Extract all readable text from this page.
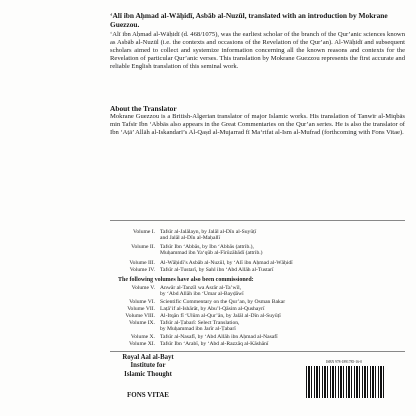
‘Alī ibn Aḥmad al-Wāḥidī, Asbāb al-Nuzūl, translated with an introduction by Mokrane Guezzou.
‘Alī ibn Aḥmad al-Wāḥidī (d. 468/1075), was the earliest scholar of the branch of the Qur’anic sciences known as Asbāb al-Nuzūl (i.e. the contexts and occasions of the Revelation of the Qur’an). Al-Wāḥidī and subsequent scholars aimed to collect and systemize information concerning all the known reasons and contexts for the Revelation of particular Qur’anic verses. This translation by Mokrane Guezzou represents the first accurate and reliable English translation of this seminal work.
About the Translator
Mokrane Guezzou is a British-Algerian translator of major Islamic works. His translation of Tanwīr al-Miqbās min Tafsīr Ibn ‘Abbās also appears in the Great Commentaries on the Qur’an series. He is also the translator of Ibn ‘Aṭā’ Allāh al-Iskandarī’s Al-Qaṣd al-Mujarrad fī Ma‘rifat al-Ism al-Mufrad (forthcoming with Fons Vitae).
Volume I. Tafsīr al-Jalālayn, by Jalāl al-Dīn al-Suyūṭī
and Jalāl al-Dīn al-Maḥallī
Volume II. Tafsīr Ibn ‘Abbās, by Ibn ‘Abbās (attrib.),
Muḥammad ibn Ya‘qūb al-Fīrūzābādī (attrib.)
Volume III. Al-Wāḥidī’s Asbāb al-Nuzūl, by ‘Alī ibn Aḥmad al-Wāḥidī
Volume IV. Tafsīr al-Tustarī, by Sahl ibn ‘Abd Allāh al-Tustarī
The following volumes have also been commissioned:
Volume V. Anwār al-Tanzīl wa Asrār al-Ta’wīl,
by ‘Abd Allāh ibn ‘Umar al-Bayḍāwī
Volume VI. Scientific Commentary on the Qur’an, by Osman Bakar
Volume VII. Laṭā’if al-Ishārāt, by Abu’l-Qāsim al-Qushayrī
Volume VIII. Al-Itqān fī ‘Ulūm al-Qur’ān, by Jalāl al-Dīn al-Suyūṭī
Volume IX. Tafsīr al-Ṭabarī: Select Translation,
by Muḥammad ibn Jarīr al-Ṭabarī
Volume X. Tafsīr al-Nasafī, by ‘Abd Allāh ibn Aḥmad al-Nasafī
Volume XI. Tafsīr Ibn ‘Arabī, by ‘Abd al-Razzāq al-Kāshānī
Royal Aal al-Bayt
Institute for
Islamic Thought
FONS VITAE
ISBN 978-1891785-16-0
